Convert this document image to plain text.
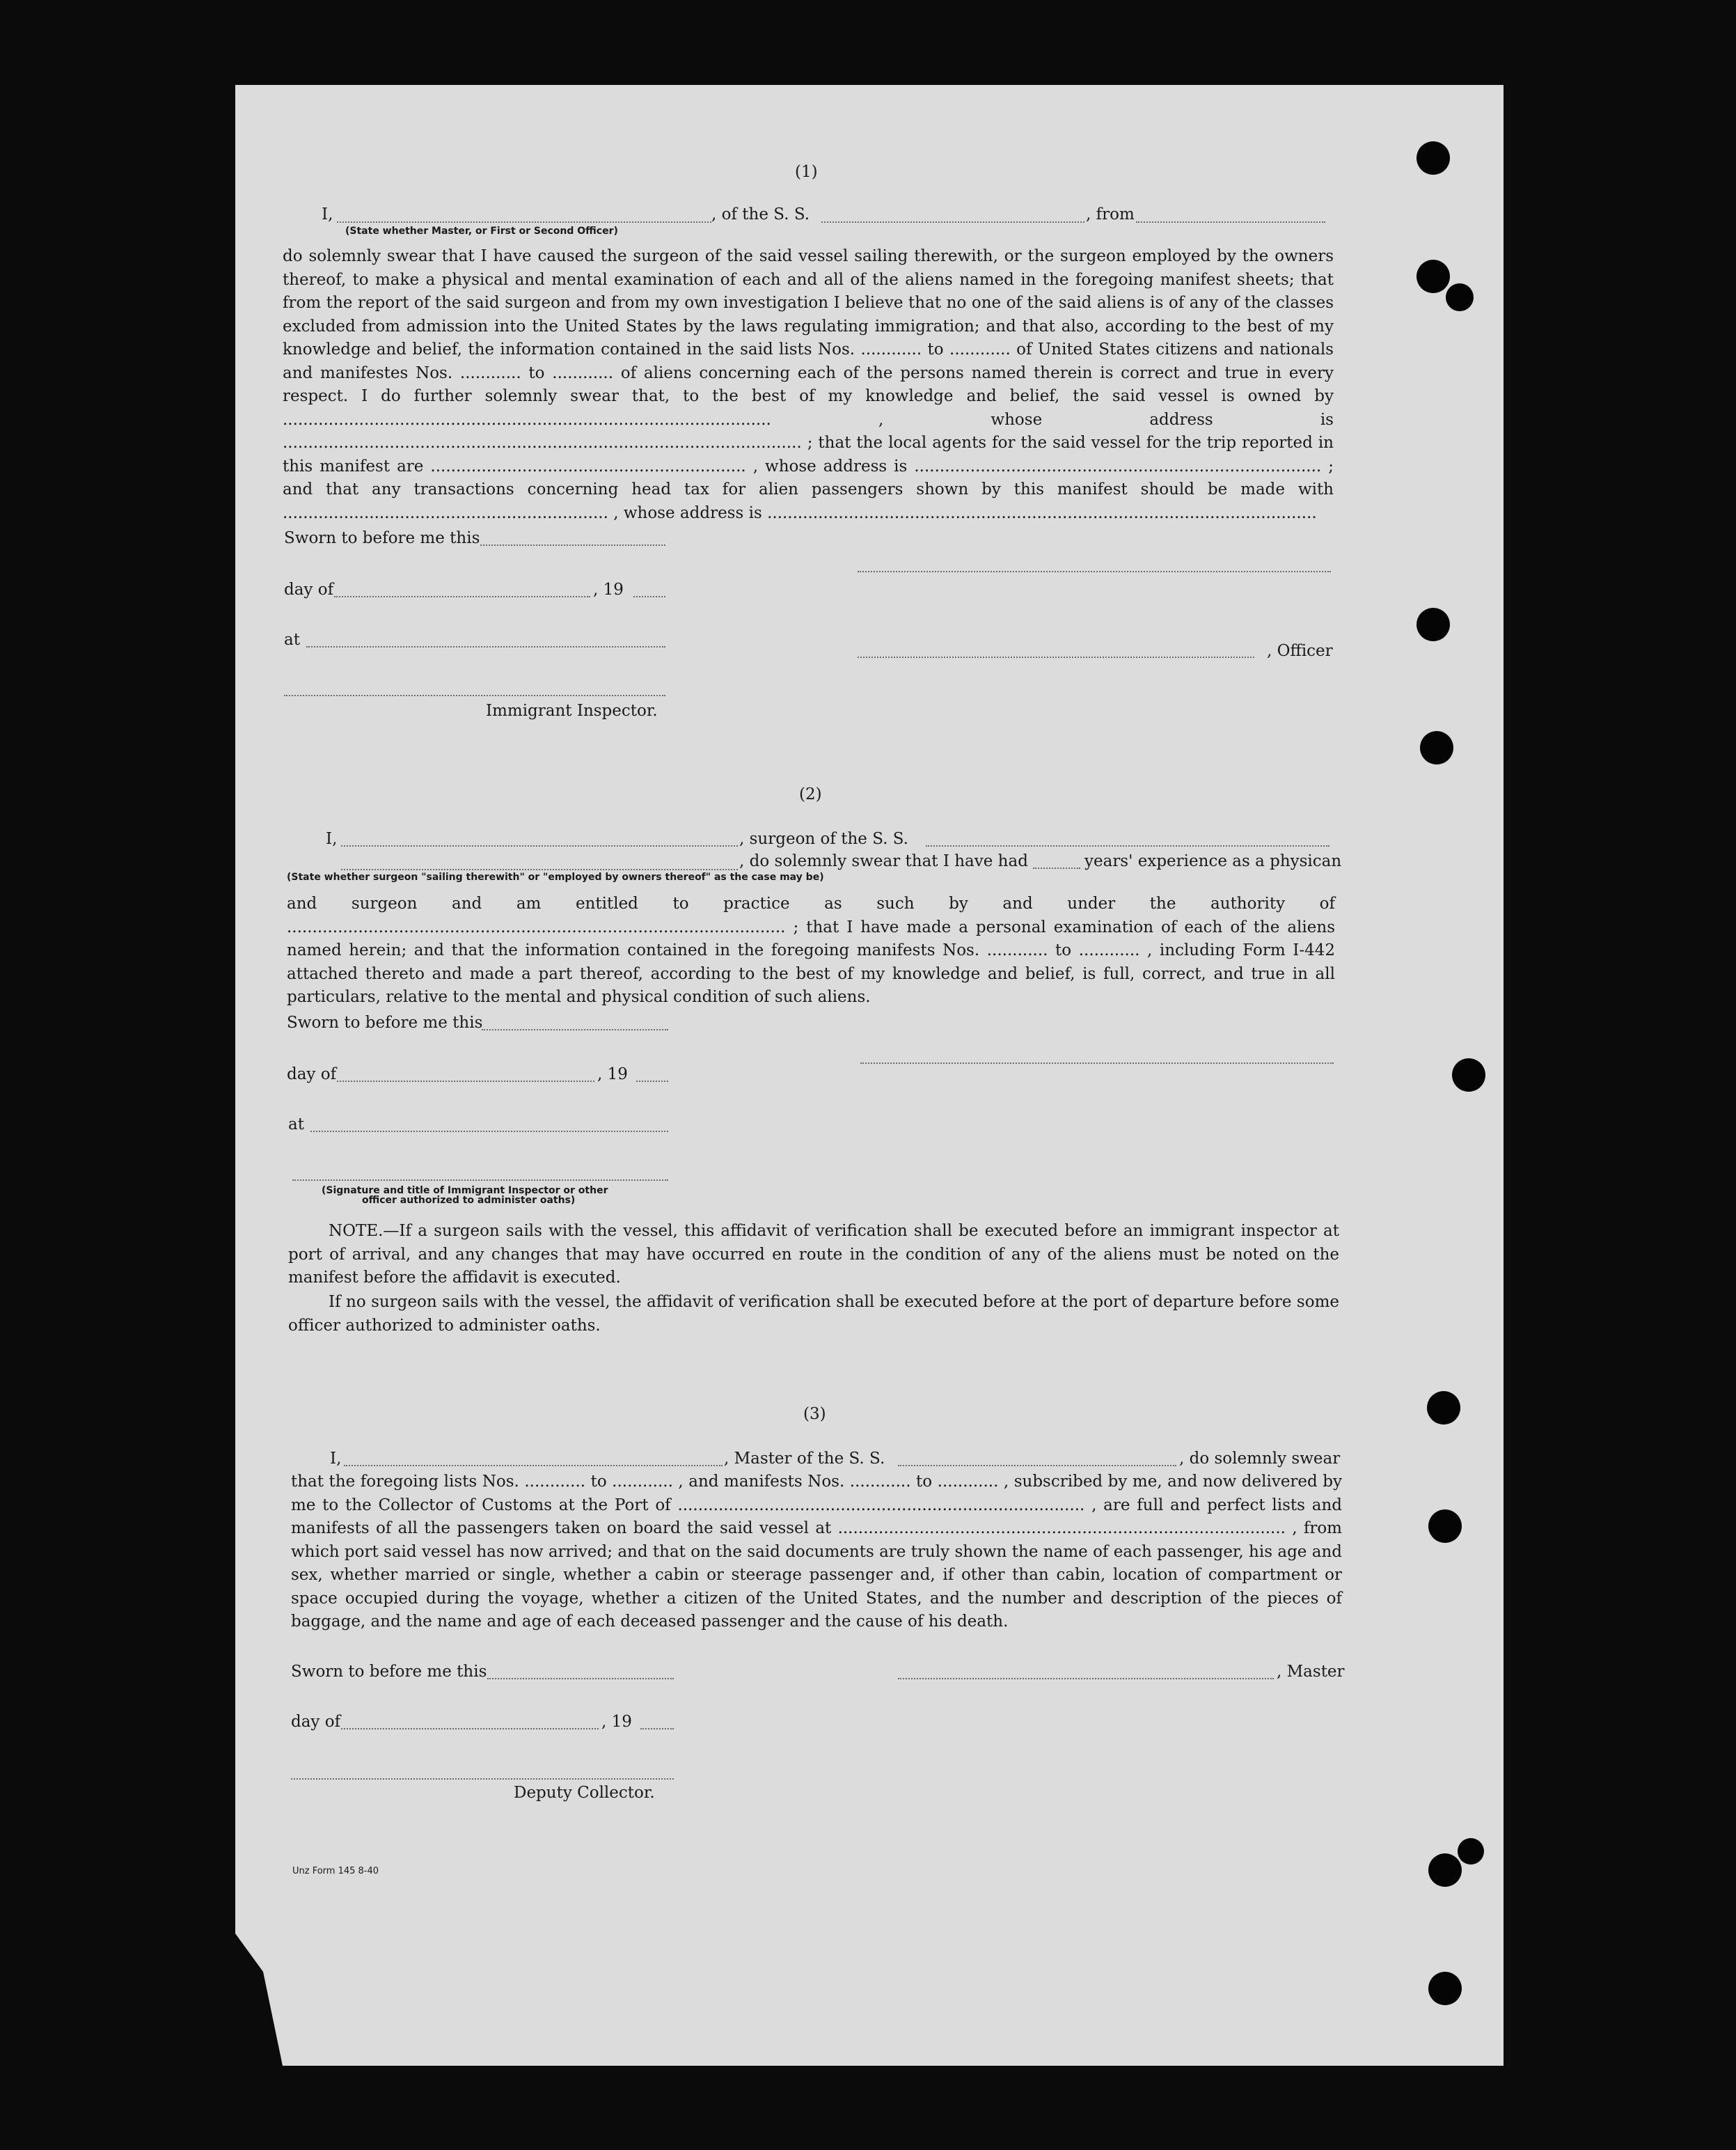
(1)
I,	, of the S. S.	, from
(State whether Master, or First or Second Officer)
do solemnly swear that I have caused the surgeon of the said vessel sailing therewith, or the surgeon employed by the owners thereof, to make a physical and mental examination of each and all of the aliens named in the foregoing manifest sheets; that from the report of the said surgeon and from my own investigation I believe that no one of the said aliens is of any of the classes excluded from admission into the United States by the laws regulating immigration; and that also, according to the best of my knowledge and belief, the information contained in the said lists Nos. ............ to ............ of United States citizens and nationals and manifestes Nos. ............ to ............ of aliens concerning each of the persons named therein is correct and true in every respect. I do further solemnly swear that, to the best of my knowledge and belief, the said vessel is owned by ................................................................................................ , whose address is ...................................................................................................... ; that the local agents for the said vessel for the trip reported in this manifest are .............................................................. , whose address is ................................................................................ ; and that any transactions concerning head tax for alien passengers shown by this manifest should be made with ................................................................ , whose address is ............................................................................................................
Sworn to before me this
day of	, 19
at
, Officer
Immigrant Inspector.
(2)
I,	, surgeon of the S. S.
, do solemnly swear that I have had	years' experience as a physican
(State whether surgeon "sailing therewith" or "employed by owners thereof" as the case may be)
and surgeon and am entitled to practice as such by and under the authority of .................................................................................................. ; that I have made a personal examination of each of the aliens named herein; and that the information contained in the foregoing manifests Nos. ............ to ............ , including Form I-442 attached thereto and made a part thereof, according to the best of my knowledge and belief, is full, correct, and true in all particulars, relative to the mental and physical condition of such aliens.
Sworn to before me this
day of	, 19
at
(Signature and title of Immigrant Inspector or other
officer authorized to administer oaths)
NOTE.—If a surgeon sails with the vessel, this affidavit of verification shall be executed before an immigrant inspector at port of arrival, and any changes that may have occurred en route in the condition of any of the aliens must be noted on the manifest before the affidavit is executed.
If no surgeon sails with the vessel, the affidavit of verification shall be executed before at the port of departure before some officer authorized to administer oaths.
(3)
I,	, Master of the S. S.	, do solemnly swear
that the foregoing lists Nos. ............ to ............ , and manifests Nos. ............ to ............ , subscribed by me, and now delivered by me to the Collector of Customs at the Port of ................................................................................ , are full and perfect lists and manifests of all the passengers taken on board the said vessel at ........................................................................................ , from which port said vessel has now arrived; and that on the said documents are truly shown the name of each passenger, his age and sex, whether married or single, whether a cabin or steerage passenger and, if other than cabin, location of compartment or space occupied during the voyage, whether a citizen of the United States, and the number and description of the pieces of baggage, and the name and age of each deceased passenger and the cause of his death.
Sworn to before me this	, Master
day of	, 19
Deputy Collector.
Unz Form 145 8-40
